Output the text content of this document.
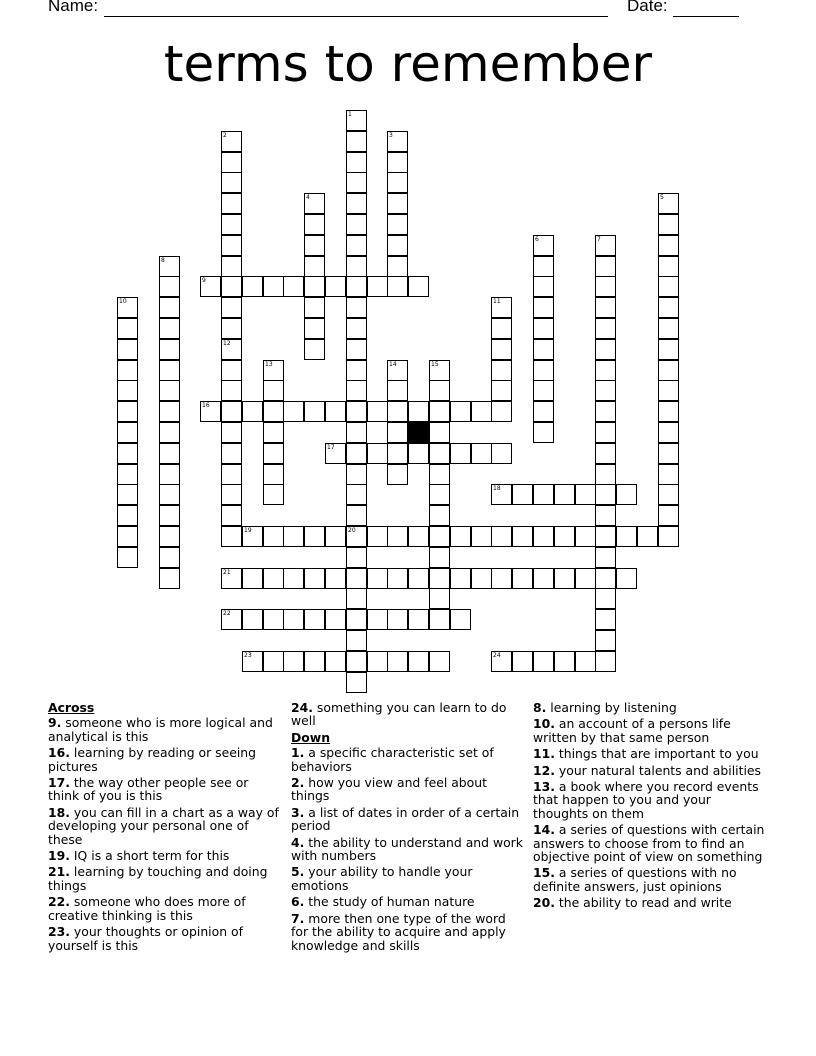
Name:	Date:
terms to remember
9
16
17
18
19	20
21
22
23	24
1
2
12
3
4	5
6	7
8
10	11
13	14	15
Across
9. someone who is more logical and analytical is this
16. learning by reading or seeing pictures
17. the way other people see or think of you is this
18. you can fill in a chart as a way of developing your personal one of these
19. IQ is a short term for this
21. learning by touching and doing things
22. someone who does more of creative thinking is this
23. your thoughts or opinion of yourself is this
24. something you can learn to do well
Down
1. a specific characteristic set of behaviors
2. how you view and feel about things
3. a list of dates in order of a certain period
4. the ability to understand and work with numbers
5. your ability to handle your emotions
6. the study of human nature
7. more then one type of the word for the ability to acquire and apply knowledge and skills
8. learning by listening
10. an account of a persons life written by that same person
11. things that are important to you
12. your natural talents and abilities
13. a book where you record events that happen to you and your thoughts on them
14. a series of questions with certain answers to choose from to find an objective point of view on something
15. a series of questions with no definite answers, just opinions
20. the ability to read and write
